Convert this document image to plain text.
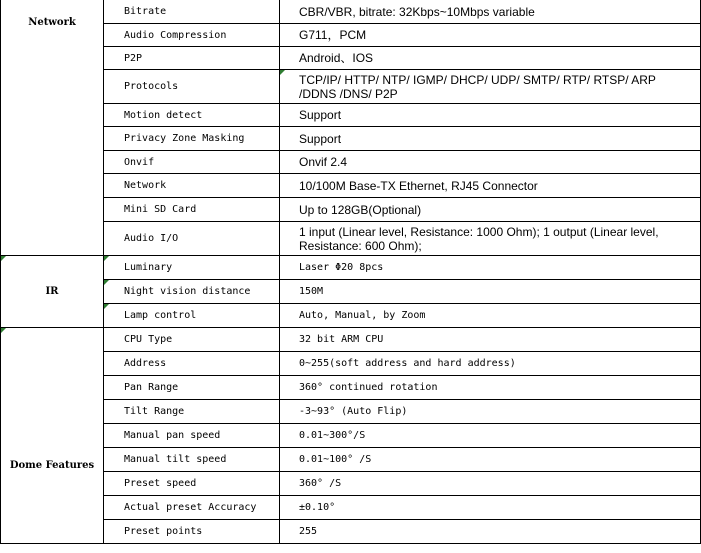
Network	Bitrate	CBR/VBR, bitrate: 32Kbps~10Mbps variable
	Audio Compression	G711，PCM
	P2P	Android、IOS
	Protocols	TCP/IP/ HTTP/ NTP/ IGMP/ DHCP/ UDP/ SMTP/ RTP/ RTSP/ ARP /DDNS /DNS/ P2P
	Motion detect	Support
	Privacy Zone Masking	Support
	Onvif	Onvif 2.4
	Network	10/100M Base-TX Ethernet, RJ45 Connector
	Mini SD Card	Up to 128GB(Optional)
	Audio I/O	1 input (Linear level, Resistance: 1000 Ohm); 1 output (Linear level, Resistance: 600 Ohm);
IR	Luminary	Laser Φ20 8pcs
	Night vision distance	150M
	Lamp control	Auto, Manual, by Zoom
Dome Features	CPU Type	32 bit ARM CPU
	Address	0~255(soft address and hard address)
	Pan Range	360° continued rotation
	Tilt Range	-3~93° (Auto Flip)
	Manual pan speed	0.01~300°/S
	Manual tilt speed	0.01~100° /S
	Preset speed	360° /S
	Actual preset Accuracy	±0.10°
	Preset points	255
